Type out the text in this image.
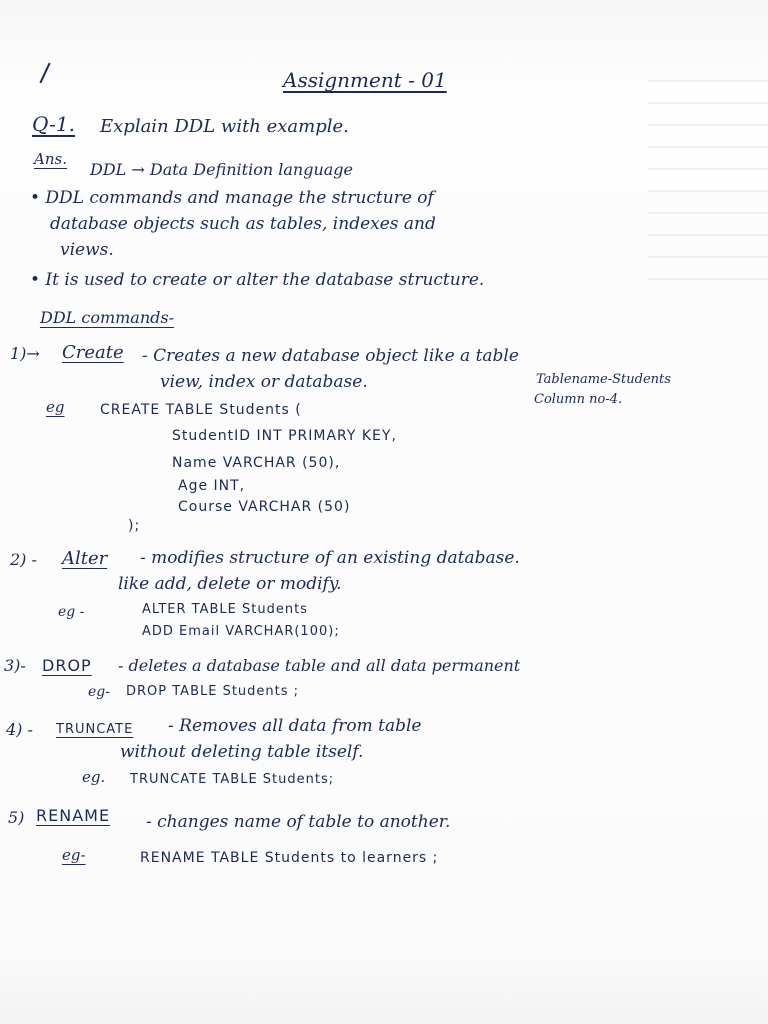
Assignment - 01
Q-1. Explain DDL with example.
Ans.
DDL → Data Definition language
• DDL commands and manage the structure of
database objects such as tables, indexes and
views.
• It is used to create or alter the database structure.
DDL commands-
1)→ Create - Creates a new database object like a table
view, index or database.	Tablename-Students
Column no-4.
eg	CREATE TABLE Students (
StudentID INT PRIMARY KEY,
Name VARCHAR (50),
Age INT,
Course VARCHAR (50)
);
2) - Alter - modifies structure of an existing database.
like add, delete or modify.
eg -	ALTER TABLE Students
ADD Email VARCHAR(100);
3)- DROP - deletes a database table and all data permanent
eg- DROP TABLE Students ;
4) - TRUNCATE - Removes all data from table
without deleting table itself.
eg. TRUNCATE TABLE Students;
5) RENAME - changes name of table to another.
eg-	RENAME TABLE Students to learners ;
